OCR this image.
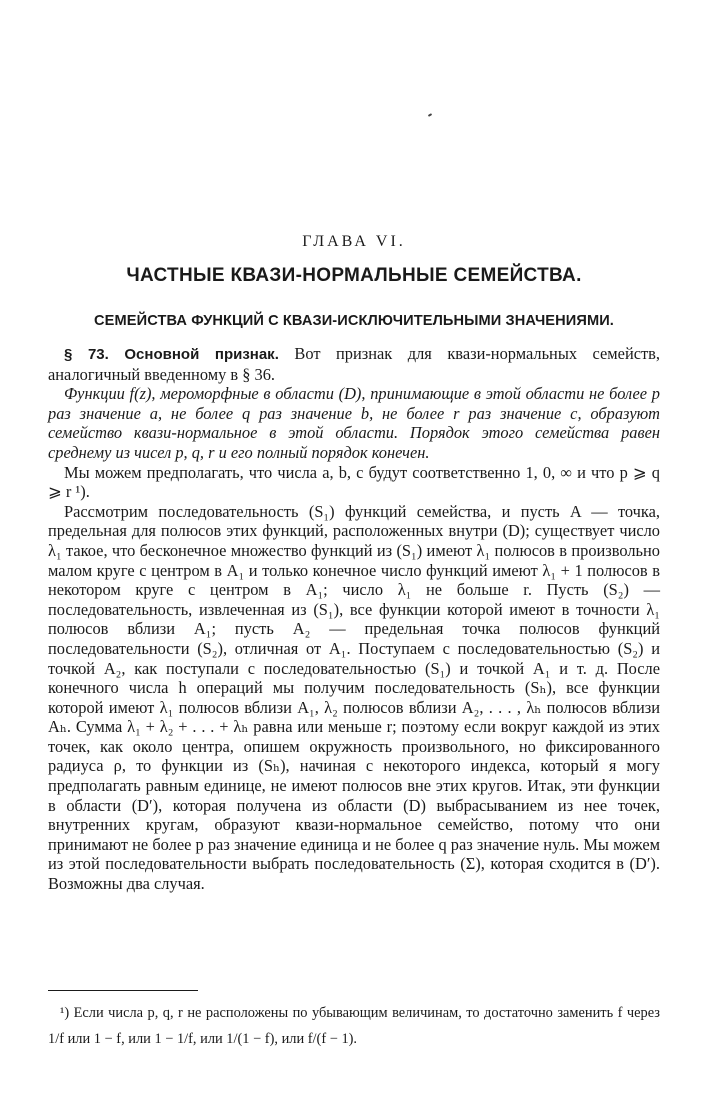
ГЛАВА VI.
ЧАСТНЫЕ КВАЗИ-НОРМАЛЬНЫЕ СЕМЕЙСТВА.
СЕМЕЙСТВА ФУНКЦИЙ С КВАЗИ-ИСКЛЮЧИТЕЛЬНЫМИ ЗНАЧЕНИЯМИ.

§ 73. Основной признак. Вот признак для квази-нормальных семейств, аналогичный введенному в § 36.

Функции f(z), мероморфные в области (D), принимающие в этой области не более p раз значение a, не более q раз значение b, не более r раз значение c, образуют семейство квази-нормальное в этой области. Порядок этого семейства равен среднему из чисел p, q, r и его полный порядок конечен.

Мы можем предполагать, что числа a, b, c будут соответственно 1, 0, ∞ и что p ⩾ q ⩾ r ¹).

Рассмотрим последовательность (S₁) функций семейства, и пусть A — точка, предельная для полюсов этих функций, расположенных внутри (D); существует число λ₁ такое, что бесконечное множество функций из (S₁) имеют λ₁ полюсов в произвольно малом круге с центром в A₁ и только конечное число функций имеют λ₁ + 1 полюсов в некотором круге с центром в A₁; число λ₁ не больше r. Пусть (S₂) — последовательность, извлеченная из (S₁), все функции которой имеют в точности λ₁ полюсов вблизи A₁; пусть A₂ — предельная точка полюсов функций последовательности (S₂), отличная от A₁. Поступаем с последовательностью (S₂) и точкой A₂, как поступали с последовательностью (S₁) и точкой A₁ и т. д. После конечного числа h операций мы получим последовательность (Sₕ), все функции которой имеют λ₁ полюсов вблизи A₁, λ₂ полюсов вблизи A₂, . . . , λₕ полюсов вблизи Aₕ. Сумма λ₁ + λ₂ + . . . + λₕ равна или меньше r; поэтому если вокруг каждой из этих точек, как около центра, опишем окружность произвольного, но фиксированного радиуса ρ, то функции из (Sₕ), начиная с некоторого индекса, который я могу предполагать равным единице, не имеют полюсов вне этих кругов. Итак, эти функции в области (D′), которая получена из области (D) выбрасыванием из нее точек, внутренних кругам, образуют квази-нормальное семейство, потому что они принимают не более p раз значение единица и не более q раз значение нуль. Мы можем из этой последовательности выбрать последовательность (Σ), которая сходится в (D′). Возможны два случая.

¹) Если числа p, q, r не расположены по убывающим величинам, то достаточно заменить f через 1/f или 1 − f, или 1 − 1/f, или 1/(1 − f), или f/(f − 1).
